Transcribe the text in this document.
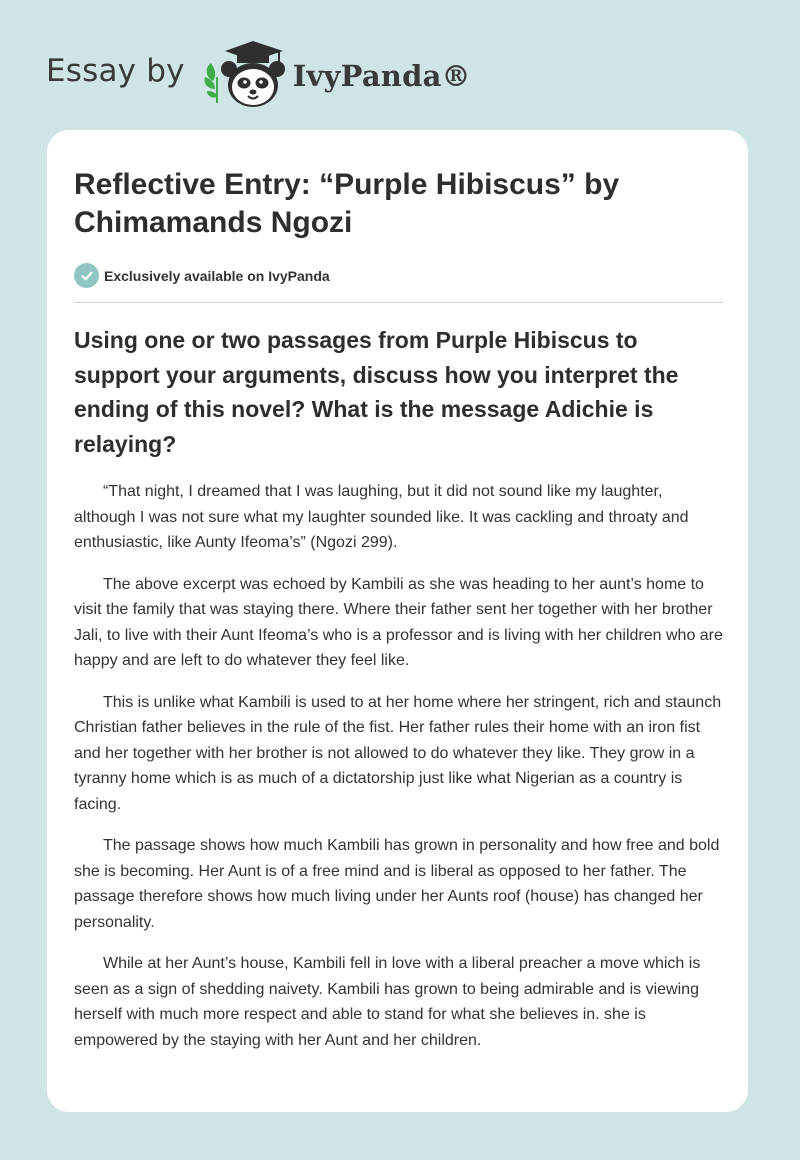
Essay by	IvyPanda®
Reflective Entry: “Purple Hibiscus” by Chimamands Ngozi
Exclusively available on IvyPanda
Using one or two passages from Purple Hibiscus to support your arguments, discuss how you interpret the ending of this novel? What is the message Adichie is relaying?

“That night, I dreamed that I was laughing, but it did not sound like my laughter, although I was not sure what my laughter sounded like. It was cackling and throaty and enthusiastic, like Aunty Ifeoma’s” (Ngozi 299).

The above excerpt was echoed by Kambili as she was heading to her aunt’s home to visit the family that was staying there. Where their father sent her together with her brother Jali, to live with their Aunt Ifeoma’s who is a professor and is living with her children who are happy and are left to do whatever they feel like.

This is unlike what Kambili is used to at her home where her stringent, rich and staunch Christian father believes in the rule of the fist. Her father rules their home with an iron fist and her together with her brother is not allowed to do whatever they like. They grow in a tyranny home which is as much of a dictatorship just like what Nigerian as a country is facing.

The passage shows how much Kambili has grown in personality and how free and bold she is becoming. Her Aunt is of a free mind and is liberal as opposed to her father. The passage therefore shows how much living under her Aunts roof (house) has changed her personality.

While at her Aunt’s house, Kambili fell in love with a liberal preacher a move which is seen as a sign of shedding naivety. Kambili has grown to being admirable and is viewing herself with much more respect and able to stand for what she believes in. she is empowered by the staying with her Aunt and her children.
